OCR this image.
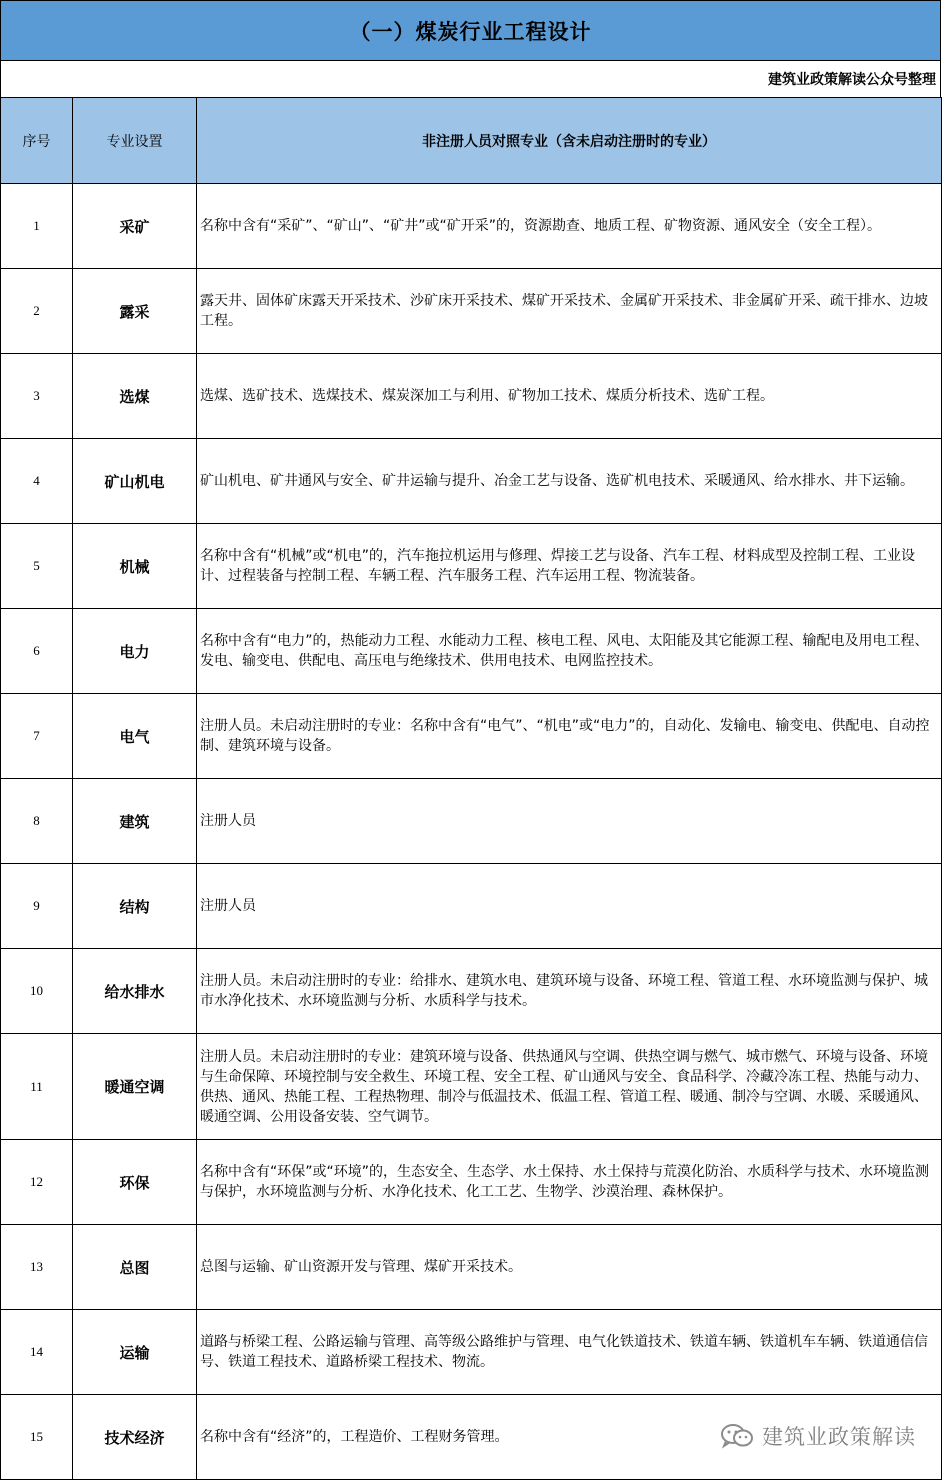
（一）煤炭行业工程设计
建筑业政策解读公众号整理
序号	专业设置	非注册人员对照专业（含未启动注册时的专业）
1	采矿	名称中含有“采矿”、“矿山”、“矿井”或“矿开采”的，资源勘查、地质工程、矿物资源、通风安全（安全工程）。
2	露采	露天井、固体矿床露天开采技术、沙矿床开采技术、煤矿开采技术、金属矿开采技术、非金属矿开采、疏干排水、边坡工程。
3	选煤	选煤、选矿技术、选煤技术、煤炭深加工与利用、矿物加工技术、煤质分析技术、选矿工程。
4	矿山机电	矿山机电、矿井通风与安全、矿井运输与提升、冶金工艺与设备、选矿机电技术、采暖通风、给水排水、井下运输。
5	机械	名称中含有“机械”或“机电”的，汽车拖拉机运用与修理、焊接工艺与设备、汽车工程、材料成型及控制工程、工业设计、过程装备与控制工程、车辆工程、汽车服务工程、汽车运用工程、物流装备。
6	电力	名称中含有“电力”的，热能动力工程、水能动力工程、核电工程、风电、太阳能及其它能源工程、输配电及用电工程、发电、输变电、供配电、高压电与绝缘技术、供用电技术、电网监控技术。
7	电气	注册人员。未启动注册时的专业：名称中含有“电气”、“机电”或“电力”的，自动化、发输电、输变电、供配电、自动控制、建筑环境与设备。
8	建筑	注册人员
9	结构	注册人员
10	给水排水	注册人员。未启动注册时的专业：给排水、建筑水电、建筑环境与设备、环境工程、管道工程、水环境监测与保护、城市水净化技术、水环境监测与分析、水质科学与技术。
11	暖通空调	注册人员。未启动注册时的专业：建筑环境与设备、供热通风与空调、供热空调与燃气、城市燃气、环境与设备、环境与生命保障、环境控制与安全救生、环境工程、安全工程、矿山通风与安全、食品科学、冷藏冷冻工程、热能与动力、供热、通风、热能工程、工程热物理、制冷与低温技术、低温工程、管道工程、暖通、制冷与空调、水暖、采暖通风、暖通空调、公用设备安装、空气调节。
12	环保	名称中含有“环保”或“环境”的，生态安全、生态学、水土保持、水土保持与荒漠化防治、水质科学与技术、水环境监测与保护，水环境监测与分析、水净化技术、化工工艺、生物学、沙漠治理、森林保护。
13	总图	总图与运输、矿山资源开发与管理、煤矿开采技术。
14	运输	道路与桥梁工程、公路运输与管理、高等级公路维护与管理、电气化铁道技术、铁道车辆、铁道机车车辆、铁道通信信号、铁道工程技术、道路桥梁工程技术、物流。
15	技术经济	名称中含有“经济”的，工程造价、工程财务管理。	建筑业政策解读
